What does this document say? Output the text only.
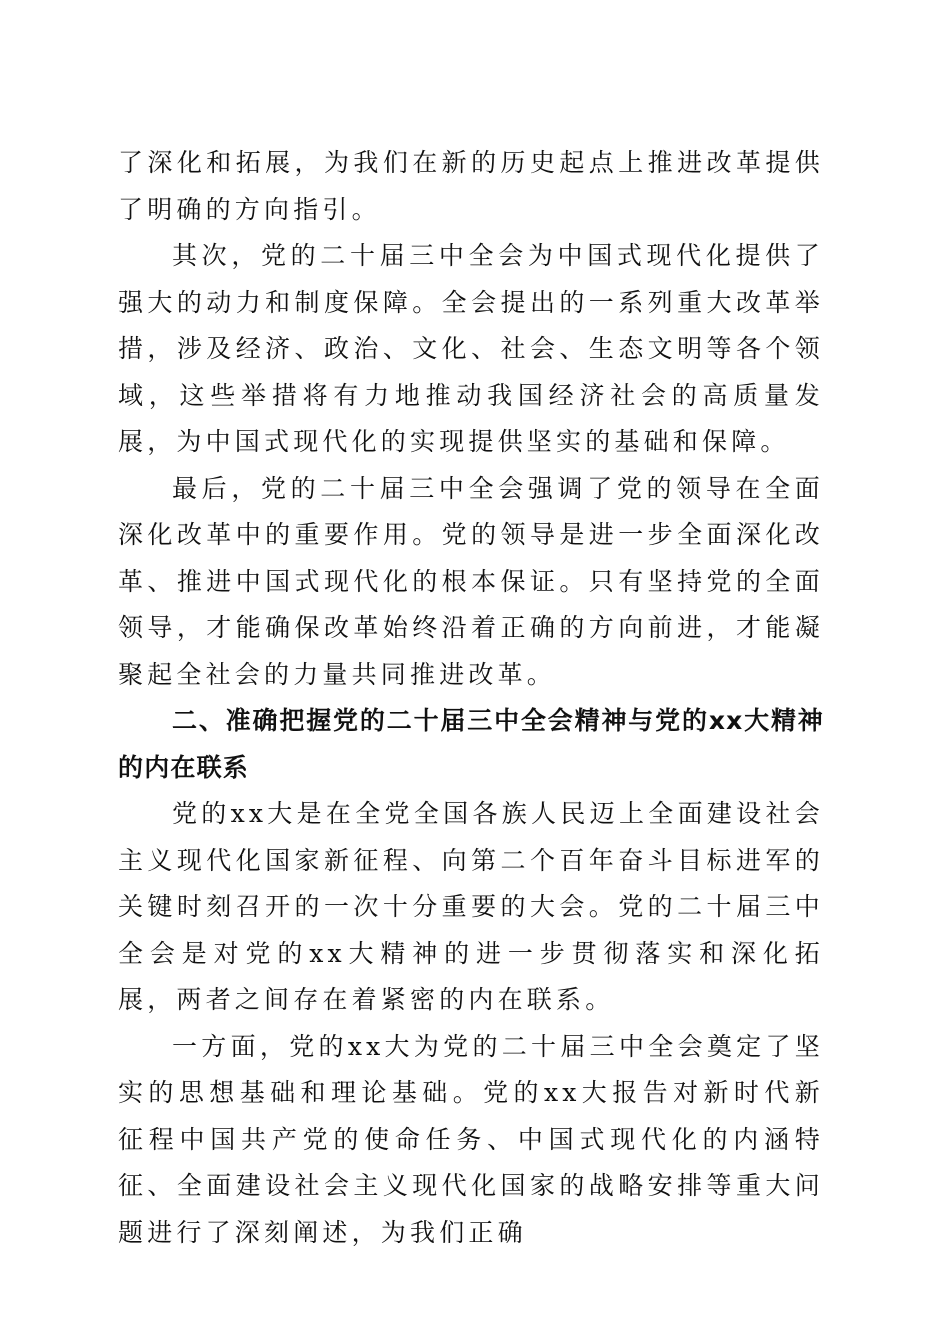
了深化和拓展，为我们在新的历史起点上推进改革提供了明确的方向指引。

其次，党的二十届三中全会为中国式现代化提供了强大的动力和制度保障。全会提出的一系列重大改革举措，涉及经济、政治、文化、社会、生态文明等各个领域，这些举措将有力地推动我国经济社会的高质量发展，为中国式现代化的实现提供坚实的基础和保障。

最后，党的二十届三中全会强调了党的领导在全面深化改革中的重要作用。党的领导是进一步全面深化改革、推进中国式现代化的根本保证。只有坚持党的全面领导，才能确保改革始终沿着正确的方向前进，才能凝聚起全社会的力量共同推进改革。

二、准确把握党的二十届三中全会精神与党的xx大精神的内在联系

党的xx大是在全党全国各族人民迈上全面建设社会主义现代化国家新征程、向第二个百年奋斗目标进军的关键时刻召开的一次十分重要的大会。党的二十届三中全会是对党的xx大精神的进一步贯彻落实和深化拓展，两者之间存在着紧密的内在联系。

一方面，党的xx大为党的二十届三中全会奠定了坚实的思想基础和理论基础。党的xx大报告对新时代新征程中国共产党的使命任务、中国式现代化的内涵特征、全面建设社会主义现代化国家的战略安排等重大问题进行了深刻阐述，为我们正确
